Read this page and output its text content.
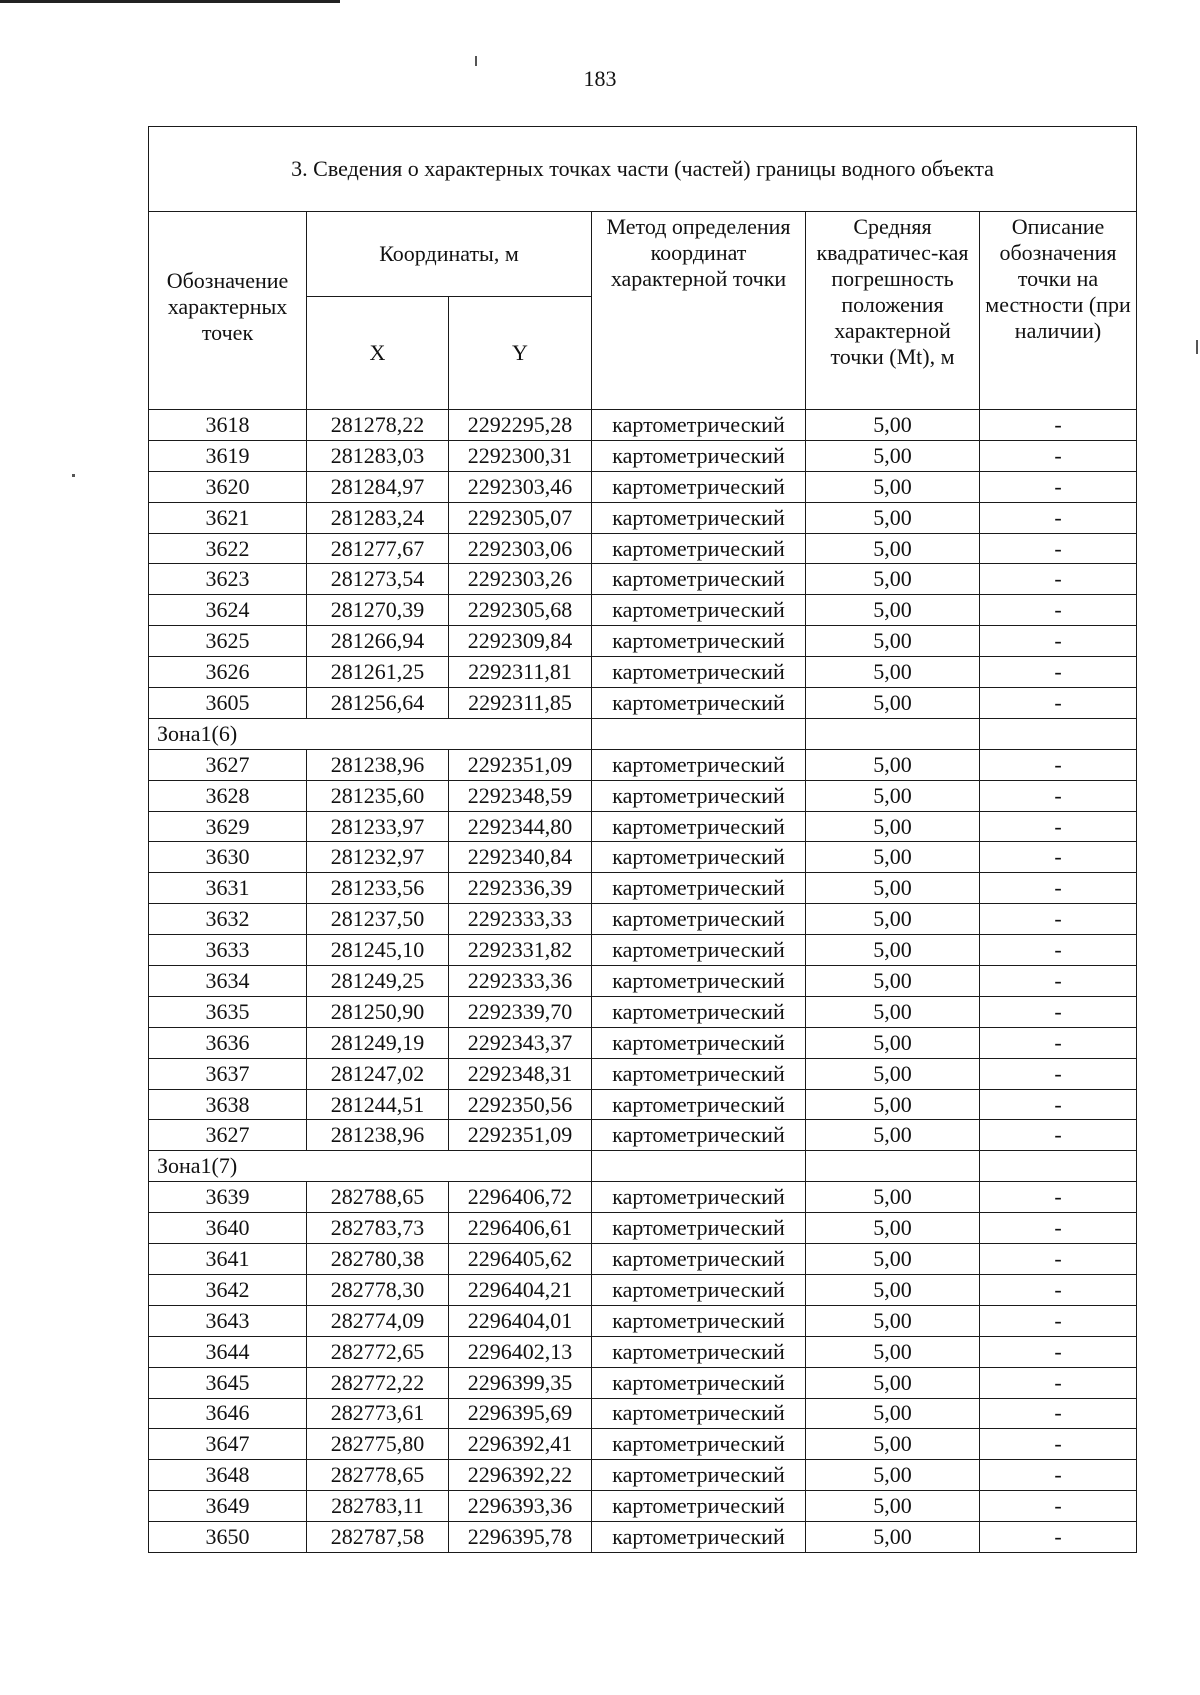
183
3. Сведения о характерных точках части (частей) границы водного объекта					
Обозначение характерных точек	Координаты, м		Метод определения координат характерной точки	Средняя квадратичес-кая погрешность положения характерной точки (Mt), м	Описание обозначения точки на местности (при наличии)
	X	Y			
3618	281278,22	2292295,28	картометрический	5,00	-
3619	281283,03	2292300,31	картометрический	5,00	-
3620	281284,97	2292303,46	картометрический	5,00	-
3621	281283,24	2292305,07	картометрический	5,00	-
3622	281277,67	2292303,06	картометрический	5,00	-
3623	281273,54	2292303,26	картометрический	5,00	-
3624	281270,39	2292305,68	картометрический	5,00	-
3625	281266,94	2292309,84	картометрический	5,00	-
3626	281261,25	2292311,81	картометрический	5,00	-
3605	281256,64	2292311,85	картометрический	5,00	-
Зона1(6)					
3627	281238,96	2292351,09	картометрический	5,00	-
3628	281235,60	2292348,59	картометрический	5,00	-
3629	281233,97	2292344,80	картометрический	5,00	-
3630	281232,97	2292340,84	картометрический	5,00	-
3631	281233,56	2292336,39	картометрический	5,00	-
3632	281237,50	2292333,33	картометрический	5,00	-
3633	281245,10	2292331,82	картометрический	5,00	-
3634	281249,25	2292333,36	картометрический	5,00	-
3635	281250,90	2292339,70	картометрический	5,00	-
3636	281249,19	2292343,37	картометрический	5,00	-
3637	281247,02	2292348,31	картометрический	5,00	-
3638	281244,51	2292350,56	картометрический	5,00	-
3627	281238,96	2292351,09	картометрический	5,00	-
Зона1(7)					
3639	282788,65	2296406,72	картометрический	5,00	-
3640	282783,73	2296406,61	картометрический	5,00	-
3641	282780,38	2296405,62	картометрический	5,00	-
3642	282778,30	2296404,21	картометрический	5,00	-
3643	282774,09	2296404,01	картометрический	5,00	-
3644	282772,65	2296402,13	картометрический	5,00	-
3645	282772,22	2296399,35	картометрический	5,00	-
3646	282773,61	2296395,69	картометрический	5,00	-
3647	282775,80	2296392,41	картометрический	5,00	-
3648	282778,65	2296392,22	картометрический	5,00	-
3649	282783,11	2296393,36	картометрический	5,00	-
3650	282787,58	2296395,78	картометрический	5,00	-
